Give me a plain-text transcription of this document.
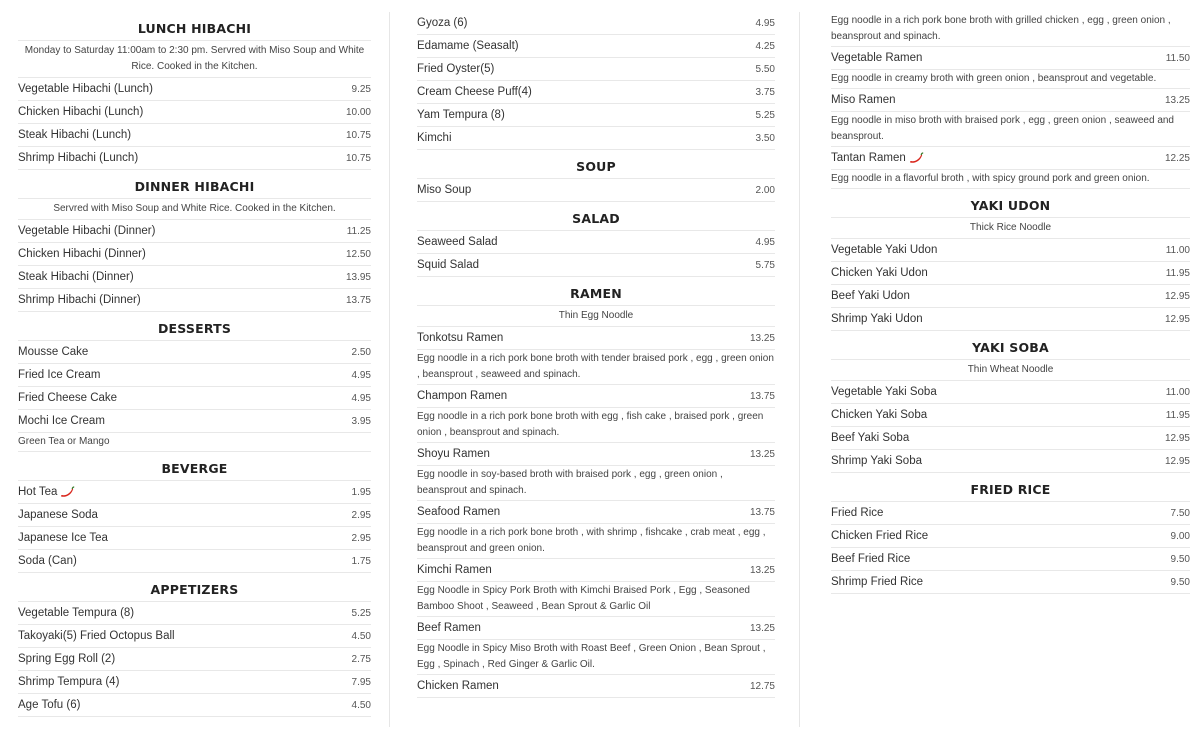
LUNCH HIBACHI
Monday to Saturday 11:00am to 2:30 pm. Servred with Miso Soup and White Rice. Cooked in the Kitchen.
Vegetable Hibachi (Lunch)	9.25
Chicken Hibachi (Lunch)	10.00
Steak Hibachi (Lunch)	10.75
Shrimp Hibachi (Lunch)	10.75
DINNER HIBACHI
Servred with Miso Soup and White Rice. Cooked in the Kitchen.
Vegetable Hibachi (Dinner)	11.25
Chicken Hibachi (Dinner)	12.50
Steak Hibachi (Dinner)	13.95
Shrimp Hibachi (Dinner)	13.75
DESSERTS
Mousse Cake	2.50
Fried Ice Cream	4.95
Fried Cheese Cake	4.95
Mochi Ice Cream	3.95
Green Tea or Mango
BEVERGE
Hot Tea	1.95
Japanese Soda	2.95
Japanese Ice Tea	2.95
Soda (Can)	1.75
APPETIZERS
Vegetable Tempura (8)	5.25
Takoyaki(5) Fried Octopus Ball	4.50
Spring Egg Roll (2)	2.75
Shrimp Tempura (4)	7.95
Age Tofu (6)	4.50
Gyoza (6)	4.95
Edamame (Seasalt)	4.25
Fried Oyster(5)	5.50
Cream Cheese Puff(4)	3.75
Yam Tempura (8)	5.25
Kimchi	3.50
SOUP
Miso Soup	2.00
SALAD
Seaweed Salad	4.95
Squid Salad	5.75
RAMEN
Thin Egg Noodle
Tonkotsu Ramen	13.25
Egg noodle in a rich pork bone broth with tender braised pork , egg , green onion , beansprout , seaweed and spinach.
Champon Ramen	13.75
Egg noodle in a rich pork bone broth with egg , fish cake , braised pork , green onion , beansprout and spinach.
Shoyu Ramen	13.25
Egg noodle in soy-based broth with braised pork , egg , green onion , beansprout and spinach.
Seafood Ramen	13.75
Egg noodle in a rich pork bone broth , with shrimp , fishcake , crab meat , egg , beansprout and green onion.
Kimchi Ramen	13.25
Egg Noodle in Spicy Pork Broth with Kimchi Braised Pork , Egg , Seasoned Bamboo Shoot , Seaweed , Bean Sprout & Garlic Oil
Beef Ramen	13.25
Egg Noodle in Spicy Miso Broth with Roast Beef , Green Onion , Bean Sprout , Egg , Spinach , Red Ginger & Garlic Oil.
Chicken Ramen	12.75
Egg noodle in a rich pork bone broth with grilled chicken , egg , green onion , beansprout and spinach.
Vegetable Ramen	11.50
Egg noodle in creamy broth with green onion , beansprout and vegetable.
Miso Ramen	13.25
Egg noodle in miso broth with braised pork , egg , green onion , seaweed and beansprout.
Tantan Ramen	12.25
Egg noodle in a flavorful broth , with spicy ground pork and green onion.
YAKI UDON
Thick Rice Noodle
Vegetable Yaki Udon	11.00
Chicken Yaki Udon	11.95
Beef Yaki Udon	12.95
Shrimp Yaki Udon	12.95
YAKI SOBA
Thin Wheat Noodle
Vegetable Yaki Soba	11.00
Chicken Yaki Soba	11.95
Beef Yaki Soba	12.95
Shrimp Yaki Soba	12.95
FRIED RICE
Fried Rice	7.50
Chicken Fried Rice	9.00
Beef Fried Rice	9.50
Shrimp Fried Rice	9.50
